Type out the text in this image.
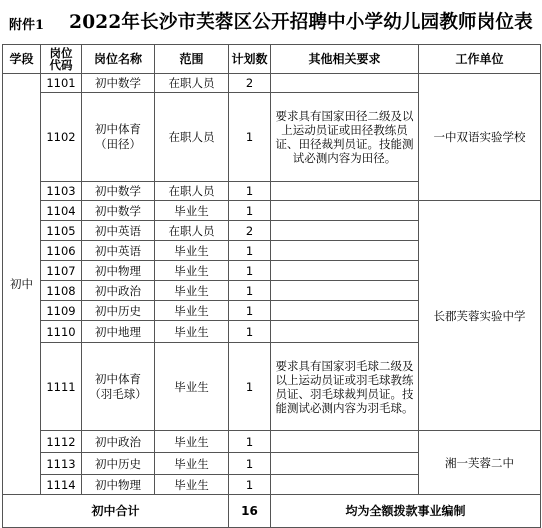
附件1	2022年长沙市芙蓉区公开招聘中小学幼儿园教师岗位表
学段	岗位
代码	岗位名称	范围	计划数	其他相关要求	工作单位
初中	1101	初中数学	在职人员	2		一中双语实验学校
	1102	初中体育
（田径）	在职人员	1	要求具有国家田径二级及以上运动员证或田径教练员证、田径裁判员证。技能测试必测内容为田径。	
	1103	初中数学	在职人员	1		
	1104	初中数学	毕业生	1		长郡芙蓉实验中学
	1105	初中英语	在职人员	2		
	1106	初中英语	毕业生	1		
	1107	初中物理	毕业生	1		
	1108	初中政治	毕业生	1		
	1109	初中历史	毕业生	1		
	1110	初中地理	毕业生	1		
	1111	初中体育
（羽毛球）	毕业生	1	要求具有国家羽毛球二级及以上运动员证或羽毛球教练员证、羽毛球裁判员证。技能测试必测内容为羽毛球。	
	1112	初中政治	毕业生	1		湘一芙蓉二中
	1113	初中历史	毕业生	1		
	1114	初中物理	毕业生	1		
初中合计				16	均为全额拨款事业编制	
